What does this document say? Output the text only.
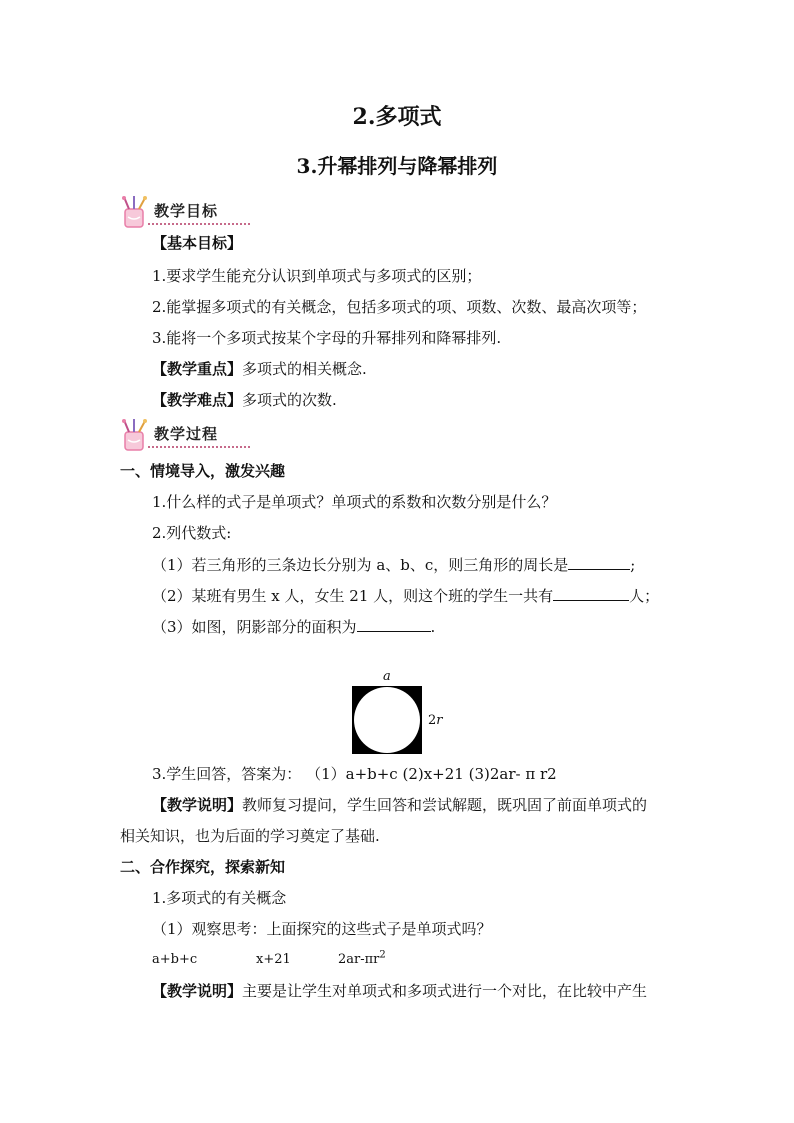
2.多项式
3.升幂排列与降幂排列
教学目标
【基本目标】
1.要求学生能充分认识到单项式与多项式的区别；
2.能掌握多项式的有关概念，包括多项式的项、项数、次数、最高次项等；
3.能将一个多项式按某个字母的升幂排列和降幂排列.
【教学重点】多项式的相关概念.
【教学难点】多项式的次数.
教学过程
一、情境导入，激发兴趣
1.什么样的式子是单项式？单项式的系数和次数分别是什么？
2.列代数式:
（1）若三角形的三条边长分别为 a、b、c，则三角形的周长是	;
（2）某班有男生 x 人，女生 21 人，则这个班的学生一共有	人；
（3）如图，阴影部分的面积为	.
a
2r
3.学生回答，答案为： （1）a+b+c (2)x+21 (3)2ar- π r2
【教学说明】教师复习提问，学生回答和尝试解题，既巩固了前面单项式的
相关知识，也为后面的学习奠定了基础.
二、合作探究，探索新知
1.多项式的有关概念
（1）观察思考：上面探究的这些式子是单项式吗？
a+b+c	x+21	$2ar-\pi r^2$
【教学说明】主要是让学生对单项式和多项式进行一个对比，在比较中产生
